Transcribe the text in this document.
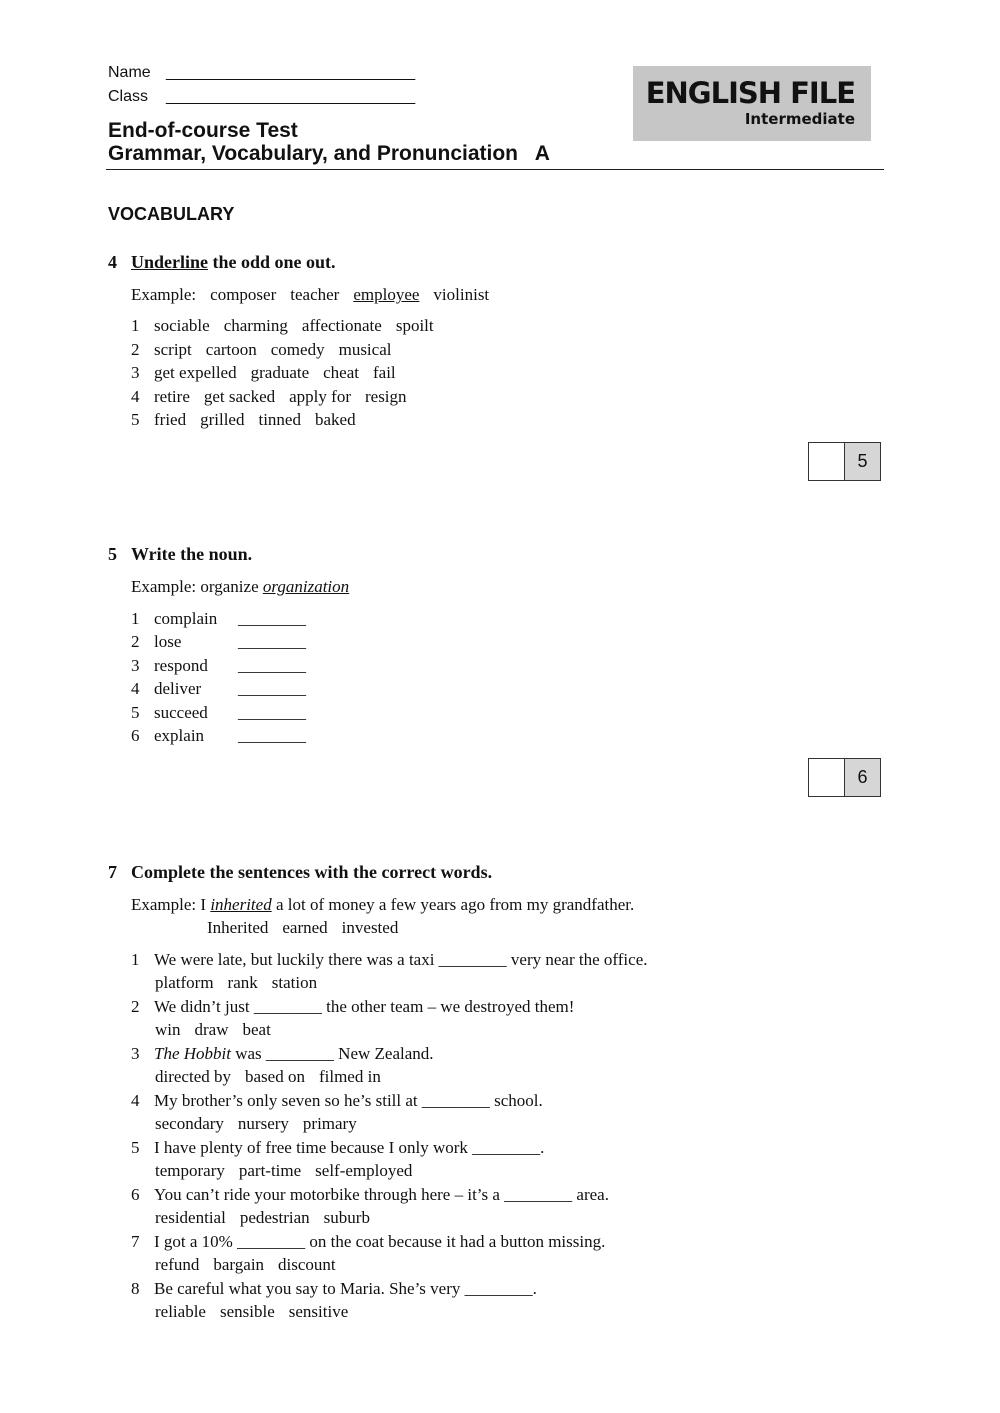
Name ____________________________
Class ____________________________	ENGLISH FILE
Intermediate
End-of-course Test
Grammar, Vocabulary, and Pronunciation   A
VOCABULARY
4 Underline the odd one out.
Example: composer teacher employee violinist
1 sociable charming affectionate spoilt
2 script cartoon comedy musical
3 get expelled graduate cheat fail
4 retire get sacked apply for resign
5 fried grilled tinned baked
5
5 Write the noun.
Example: organize organization
1 complain ________
2 lose	________
3 respond ________
4 deliver ________
5 succeed ________
6 explain ________
6
7 Complete the sentences with the correct words.
Example: I inherited a lot of money a few years ago from my grandfather.
Inherited earned invested
1 We were late, but luckily there was a taxi ________ very near the office.
platform rank station
2 We didn’t just ________ the other team – we destroyed them!
win draw beat
3 The Hobbit was ________ New Zealand.
directed by based on filmed in
4 My brother’s only seven so he’s still at ________ school.
secondary nursery primary
5 I have plenty of free time because I only work ________.
temporary part-time self-employed
6 You can’t ride your motorbike through here – it’s a ________ area.
residential pedestrian suburb
7 I got a 10% ________ on the coat because it had a button missing.
refund bargain discount
8 Be careful what you say to Maria. She’s very ________.
reliable sensible sensitive
